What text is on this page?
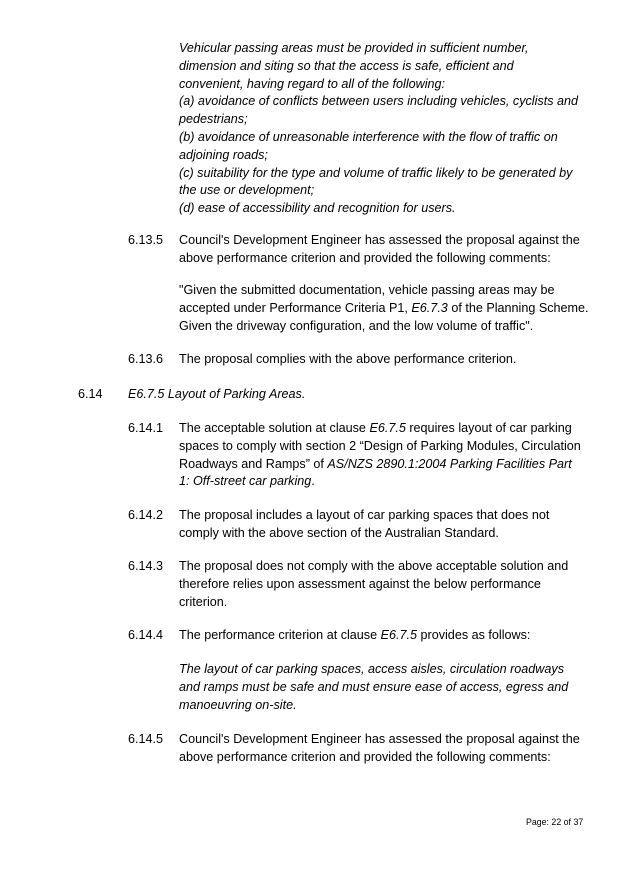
Vehicular passing areas must be provided in sufficient number,
dimension and siting so that the access is safe, efficient and
convenient, having regard to all of the following:
(a) avoidance of conflicts between users including vehicles, cyclists and
pedestrians;
(b) avoidance of unreasonable interference with the flow of traffic on
adjoining roads;
(c) suitability for the type and volume of traffic likely to be generated by
the use or development;
(d) ease of accessibility and recognition for users.
6.13.5 Council's Development Engineer has assessed the proposal against the
above performance criterion and provided the following comments:
"Given the submitted documentation, vehicle passing areas may be
accepted under Performance Criteria P1, E6.7.3 of the Planning Scheme.
Given the driveway configuration, and the low volume of traffic".
6.13.6 The proposal complies with the above performance criterion.
6.14 E6.7.5 Layout of Parking Areas.
6.14.1 The acceptable solution at clause E6.7.5 requires layout of car parking
spaces to comply with section 2 “Design of Parking Modules, Circulation
Roadways and Ramps” of AS/NZS 2890.1:2004 Parking Facilities Part
1: Off-street car parking.
6.14.2 The proposal includes a layout of car parking spaces that does not
comply with the above section of the Australian Standard.
6.14.3 The proposal does not comply with the above acceptable solution and
therefore relies upon assessment against the below performance
criterion.
6.14.4 The performance criterion at clause E6.7.5 provides as follows:
The layout of car parking spaces, access aisles, circulation roadways
and ramps must be safe and must ensure ease of access, egress and
manoeuvring on-site.
6.14.5 Council's Development Engineer has assessed the proposal against the
above performance criterion and provided the following comments:
Page: 22 of 37
